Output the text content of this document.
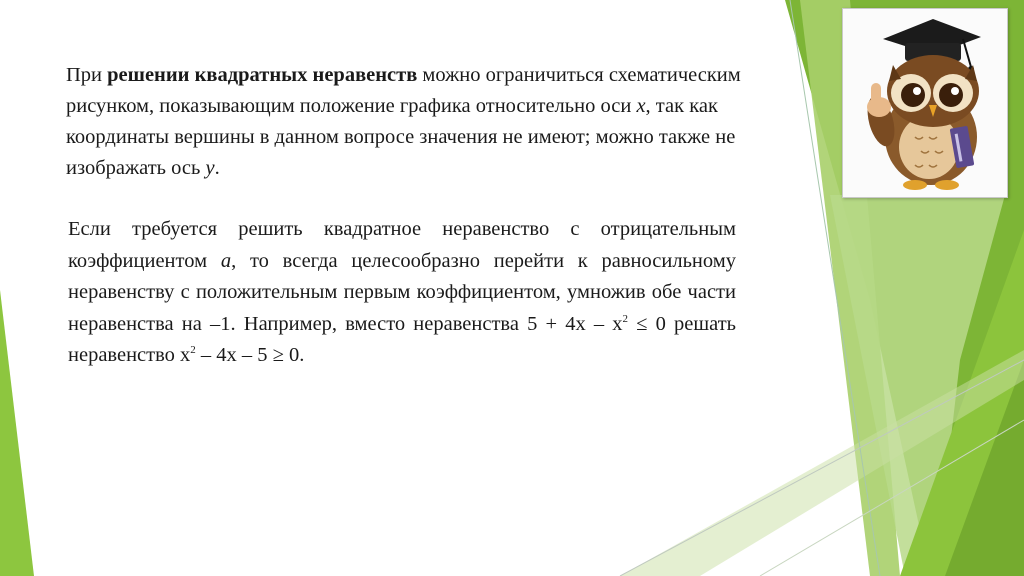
При решении квадратных неравенств можно ограничиться схематическим рисунком, показывающим положение графика относительно оси x, так как координаты вершины в данном вопросе значения не имеют; можно также не изображать ось y.
Если требуется решить квадратное неравенство с отрицательным коэффициентом a, то всегда целесообразно перейти к равносильному неравенству с положительным первым коэффициентом, умножив обе части неравенства на –1. Например, вместо неравенства $5 + 4х - х^2 \le 0$ решать неравенство $х^2 - 4х - 5 \ge 0$.
